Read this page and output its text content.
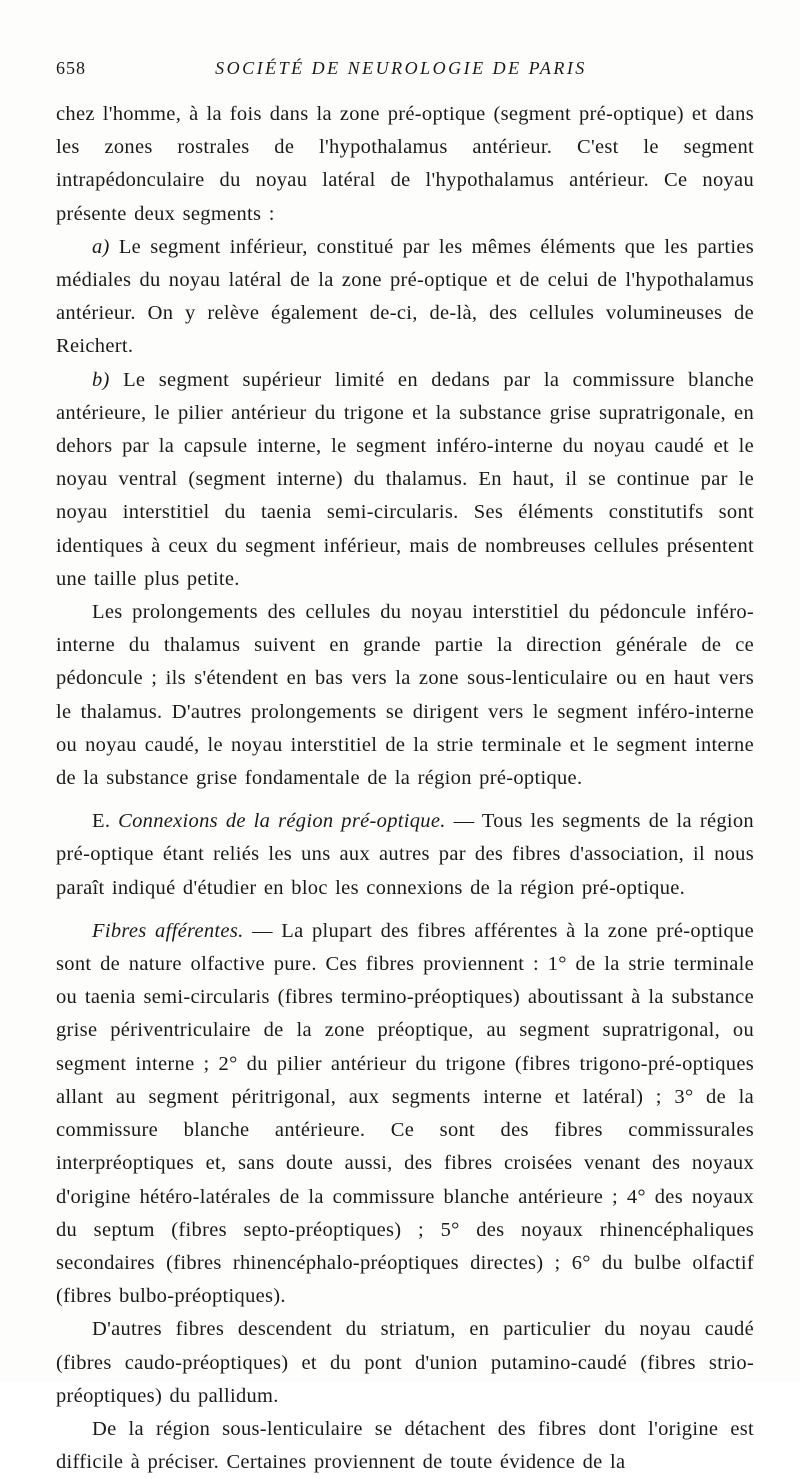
658	SOCIÉTÉ DE NEUROLOGIE DE PARIS

chez l'homme, à la fois dans la zone pré-optique (segment pré-optique) et dans les zones rostrales de l'hypothalamus antérieur. C'est le segment intrapédonculaire du noyau latéral de l'hypothalamus antérieur. Ce noyau présente deux segments :

a) Le segment inférieur, constitué par les mêmes éléments que les parties médiales du noyau latéral de la zone pré-optique et de celui de l'hypothalamus antérieur. On y relève également de-ci, de-là, des cellules volumineuses de Reichert.

b) Le segment supérieur limité en dedans par la commissure blanche antérieure, le pilier antérieur du trigone et la substance grise supratrigonale, en dehors par la capsule interne, le segment inféro-interne du noyau caudé et le noyau ventral (segment interne) du thalamus. En haut, il se continue par le noyau interstitiel du taenia semi-circularis. Ses éléments constitutifs sont identiques à ceux du segment inférieur, mais de nombreuses cellules présentent une taille plus petite.

Les prolongements des cellules du noyau interstitiel du pédoncule inféro-interne du thalamus suivent en grande partie la direction générale de ce pédoncule ; ils s'étendent en bas vers la zone sous-lenticulaire ou en haut vers le thalamus. D'autres prolongements se dirigent vers le segment inféro-interne ou noyau caudé, le noyau interstitiel de la strie terminale et le segment interne de la substance grise fondamentale de la région pré-optique.

E. Connexions de la région pré-optique. — Tous les segments de la région pré-optique étant reliés les uns aux autres par des fibres d'association, il nous paraît indiqué d'étudier en bloc les connexions de la région pré-optique.

Fibres afférentes. — La plupart des fibres afférentes à la zone pré-optique sont de nature olfactive pure. Ces fibres proviennent : 1° de la strie terminale ou taenia semi-circularis (fibres termino-préoptiques) aboutissant à la substance grise périventriculaire de la zone préoptique, au segment supratrigonal, ou segment interne ; 2° du pilier antérieur du trigone (fibres trigono-pré-optiques allant au segment péritrigonal, aux segments interne et latéral) ; 3° de la commissure blanche antérieure. Ce sont des fibres commissurales interpréoptiques et, sans doute aussi, des fibres croisées venant des noyaux d'origine hétéro-latérales de la commissure blanche antérieure ; 4° des noyaux du septum (fibres septo-préoptiques) ; 5° des noyaux rhinencéphaliques secondaires (fibres rhinencéphalo-préoptiques directes) ; 6° du bulbe olfactif (fibres bulbo-préoptiques).

D'autres fibres descendent du striatum, en particulier du noyau caudé (fibres caudo-préoptiques) et du pont d'union putamino-caudé (fibres strio-préoptiques) du pallidum.

De la région sous-lenticulaire se détachent des fibres dont l'origine est difficile à préciser. Certaines proviennent de toute évidence de la
